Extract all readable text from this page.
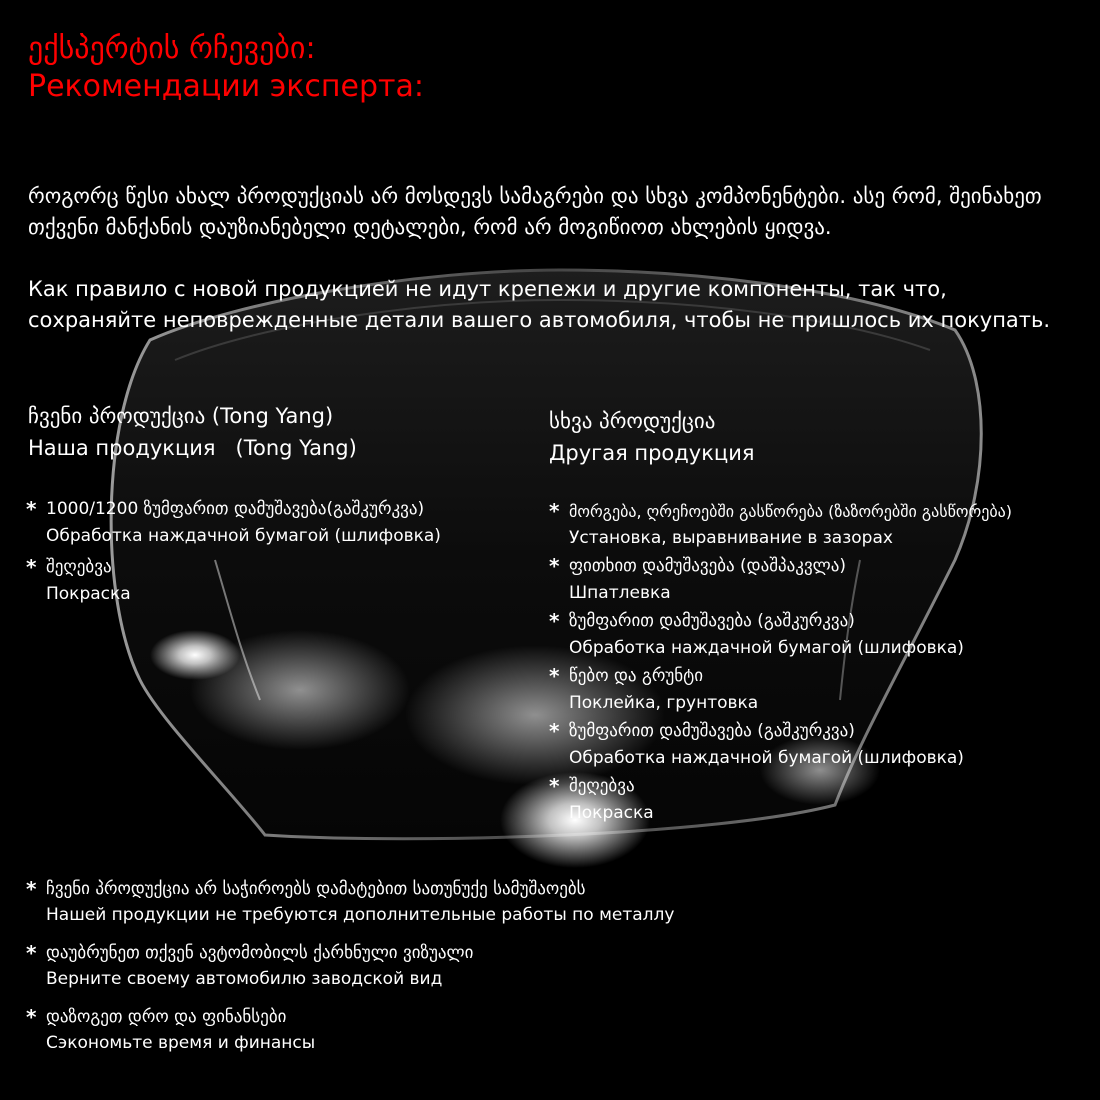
ექსპერტის რჩევები:
Рекомендации эксперта:

როგორც წესი ახალ პროდუქციას არ მოსდევს სამაგრები და სხვა კომპონენტები. ასე რომ, შეინახეთ თქვენი მანქანის დაუზიანებელი დეტალები, რომ არ მოგიწიოთ ახლების ყიდვა.

Как правило с новой продукцией не идут крепежи и другие компоненты, так что, сохраняйте неповрежденные детали вашего автомобиля, чтобы не пришлось их покупать.

ჩვენი პროდუქცია (Tong Yang)
Наша продукция   (Tong Yang)
* 1000/1200 ზუმფარით დამუშავება(გაშკურკვა)
Обработка наждачной бумагой (шлифовка)
* შეღებვა
Покраска
სხვა პროდუქცია
Другая продукция
* მორგება, ღრეჩოებში გასწორება (ზაზორებში გასწორება)
Установка, выравнивание в зазорах
* ფითხით დამუშავება (დაშპაკვლა)
Шпатлевка
* ზუმფარით დამუშავება (გაშკურკვა)
Обработка наждачной бумагой (шлифовка)
* წებო და გრუნტი
Поклейка, грунтовка
* ზუმფარით დამუშავება (გაშკურკვა)
Обработка наждачной бумагой (шлифовка)
* შეღებვა
Покраска
* ჩვენი პროდუქცია არ საჭიროებს დამატებით სათუნუქე სამუშაოებს
Нашей продукции не требуются дополнительные работы по металлу
* დაუბრუნეთ თქვენ ავტომობილს ქარხნული ვიზუალი
Верните своему автомобилю заводской вид
* დაზოგეთ დრო და ფინანსები
Сэкономьте время и финансы
